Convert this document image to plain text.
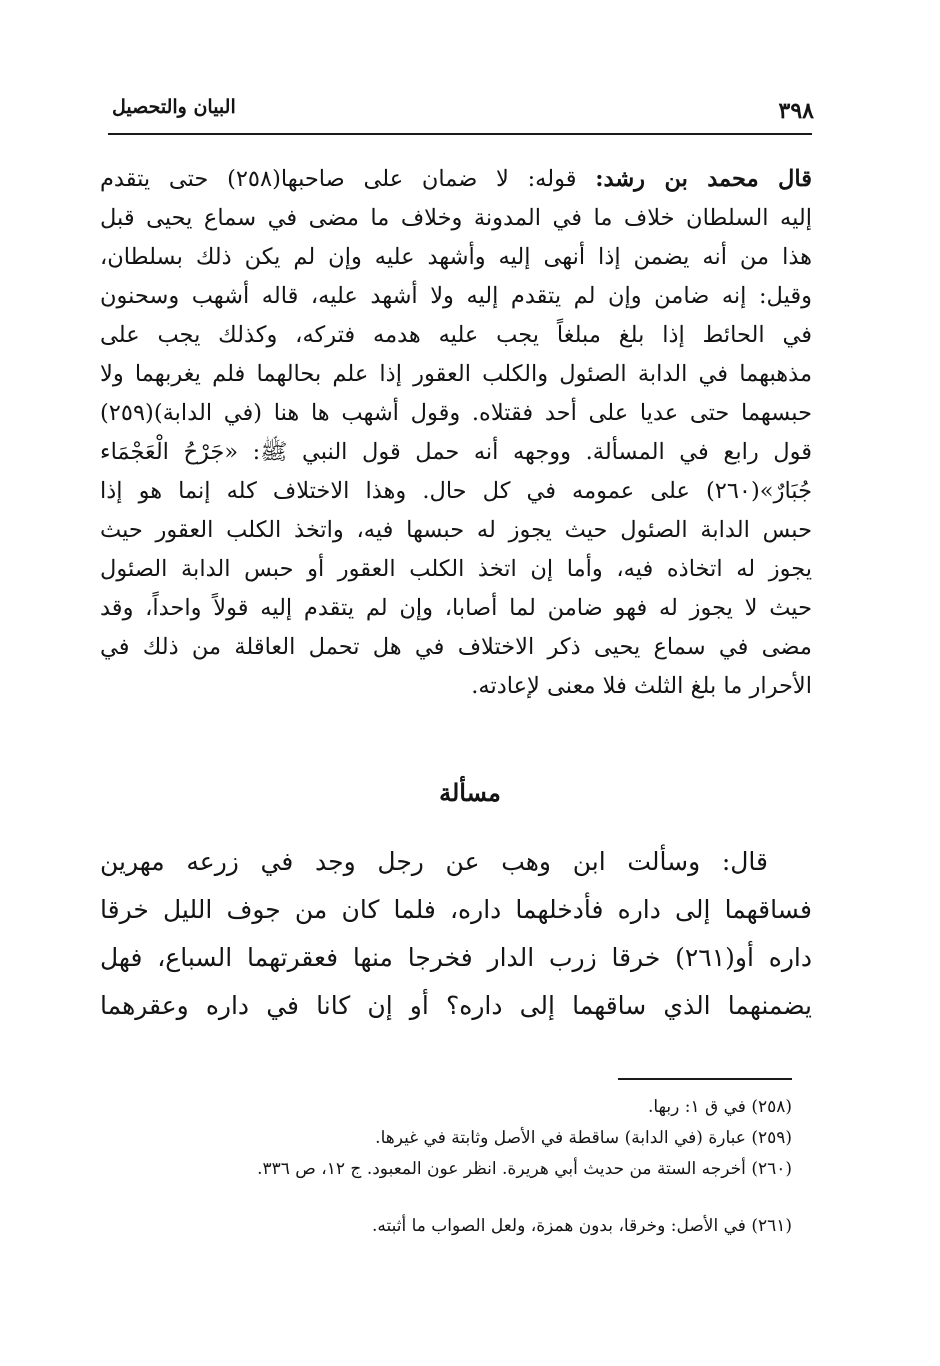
٣٩٨
البيان والتحصيل
قال محمد بن رشد: قوله: لا ضمان على صاحبها(٢٥٨) حتى يتقدم
إليه السلطان خلاف ما في المدونة وخلاف ما مضى في سماع يحيى قبل
هذا من أنه يضمن إذا أنهى إليه وأشهد عليه وإن لم يكن ذلك بسلطان،
وقيل: إنه ضامن وإن لم يتقدم إليه ولا أشهد عليه، قاله أشهب وسحنون
في الحائط إذا بلغ مبلغاً يجب عليه هدمه فتركه، وكذلك يجب على
مذهبهما في الدابة الصئول والكلب العقور إذا علم بحالهما فلم يغربهما ولا
حبسهما حتى عديا على أحد فقتلاه. وقول أشهب ها هنا (في الدابة)(٢٥٩)
قول رابع في المسألة. ووجهه أنه حمل قول النبي ﷺ: «جَرْحُ الْعَجْمَاء
جُبَارٌ»(٢٦٠) على عمومه في كل حال. وهذا الاختلاف كله إنما هو إذا
حبس الدابة الصئول حيث يجوز له حبسها فيه، واتخذ الكلب العقور حيث
يجوز له اتخاذه فيه، وأما إن اتخذ الكلب العقور أو حبس الدابة الصئول
حيث لا يجوز له فهو ضامن لما أصابا، وإن لم يتقدم إليه قولاً واحداً، وقد
مضى في سماع يحيى ذكر الاختلاف في هل تحمل العاقلة من ذلك في
الأحرار ما بلغ الثلث فلا معنى لإعادته.
مسألة
قال: وسألت ابن وهب عن رجل وجد في زرعه مهرين
فساقهما إلى داره فأدخلهما داره، فلما كان من جوف الليل خرقا
داره أو(٢٦١) خرقا زرب الدار فخرجا منها فعقرتهما السباع، فهل
يضمنهما الذي ساقهما إلى داره؟ أو إن كانا في داره وعقرهما
(٢٥٨) في ق ١: ربها.
(٢٥٩) عبارة (في الدابة) ساقطة في الأصل وثابتة في غيرها.
(٢٦٠) أخرجه الستة من حديث أبي هريرة. انظر عون المعبود. ج ١٢، ص ٣٣٦.
(٢٦١) في الأصل: وخرقا، بدون همزة، ولعل الصواب ما أثبته.
